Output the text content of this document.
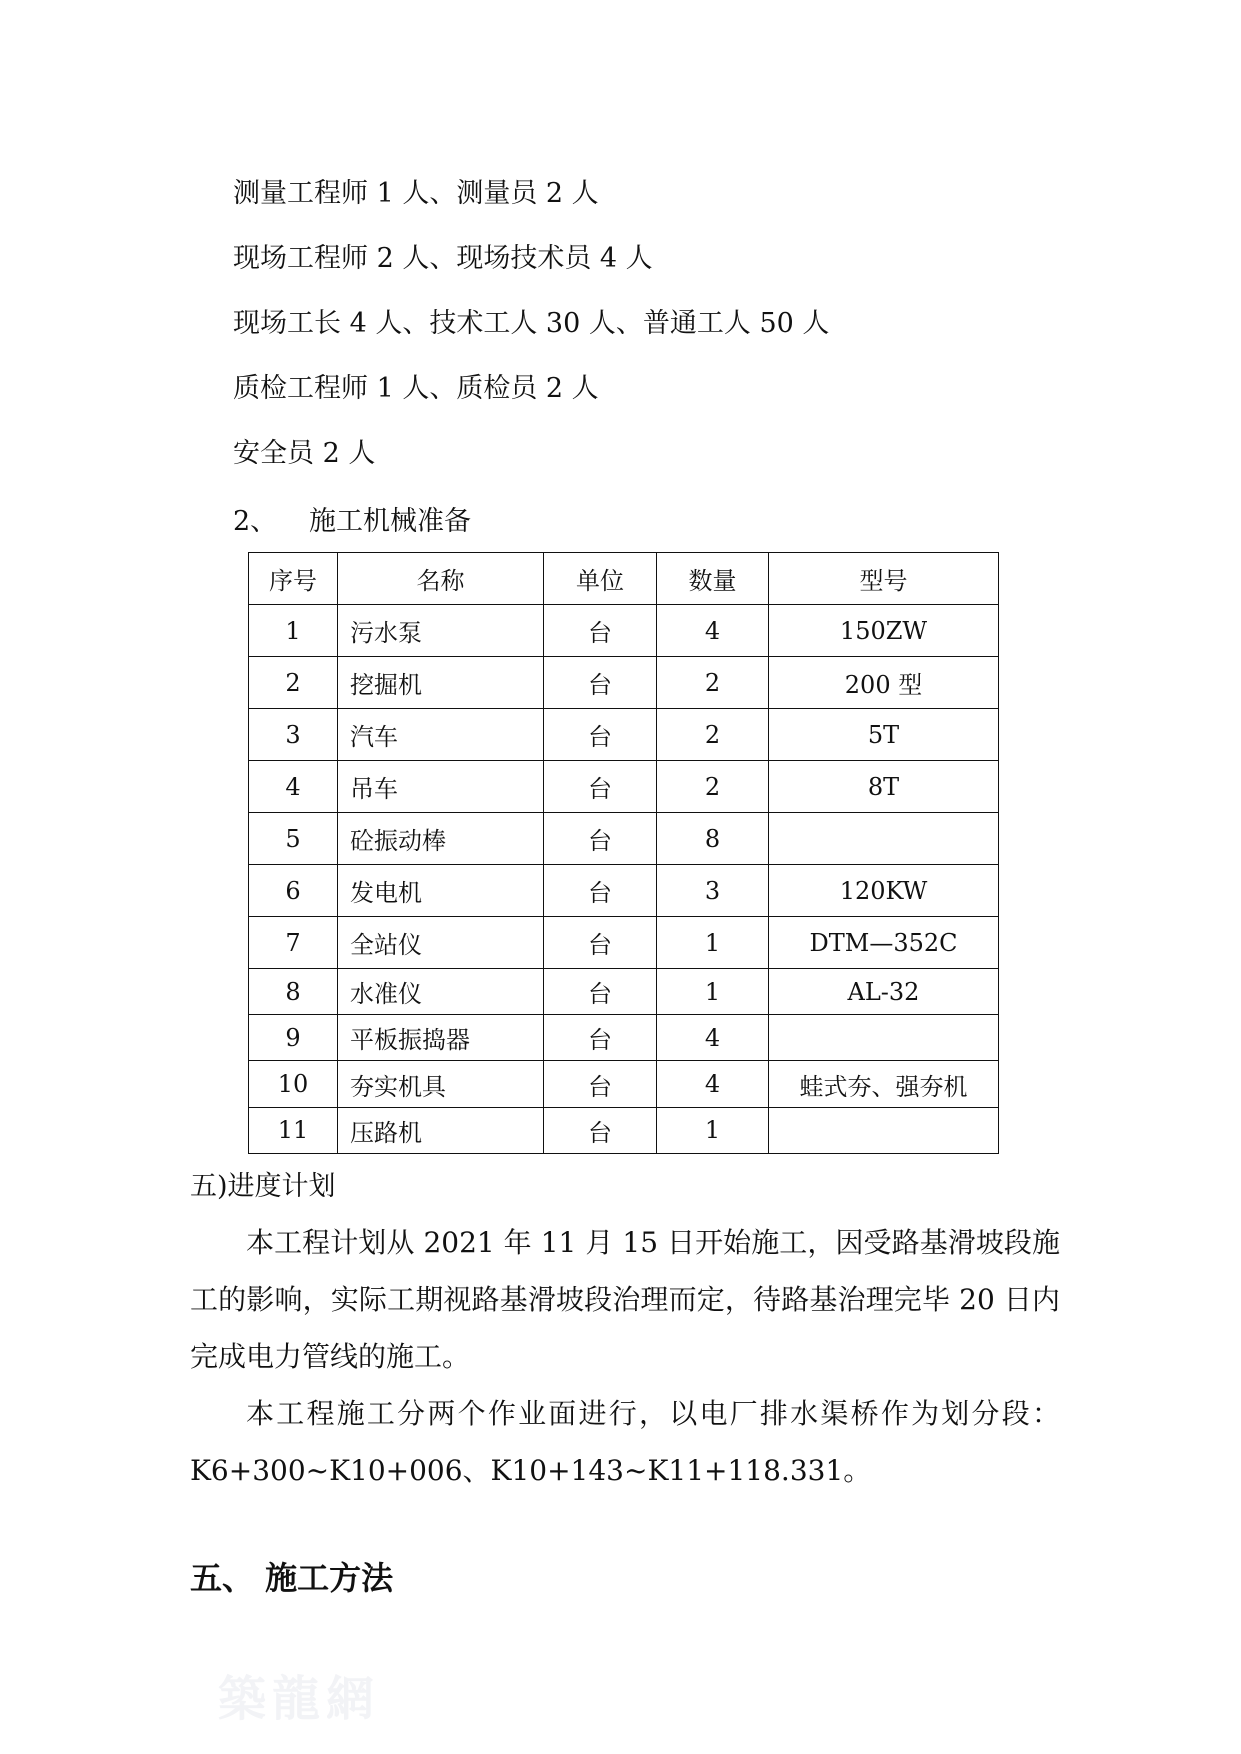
测量工程师 1 人、测量员 2 人
现场工程师 2 人、现场技术员 4 人
现场工长 4 人、技术工人 30 人、普通工人 50 人
质检工程师 1 人、质检员 2 人
安全员 2 人
2、 施工机械准备
序号	名称	单位	数量	型号
1	污水泵	台	4	150ZW
2	挖掘机	台	2	200 型
3	汽车	台	2	5T
4	吊车	台	2	8T
5	砼振动棒	台	8	
6	发电机	台	3	120KW
7	全站仪	台	1	DTM—352C
8	水准仪	台	1	AL-32
9	平板振捣器	台	4	
10	夯实机具	台	4	蛙式夯、强夯机
11	压路机	台	1	
五)进度计划

本工程计划从 2021 年 11 月 15 日开始施工，因受路基滑坡段施工的影响，实际工期视路基滑坡段治理而定，待路基治理完毕 20 日内完成电力管线的施工。

本工程施工分两个作业面进行，以电厂排水渠桥作为划分段：K6+300~K10+006、K10+143~K11+118.331。

五、 施工方法
築龍網
